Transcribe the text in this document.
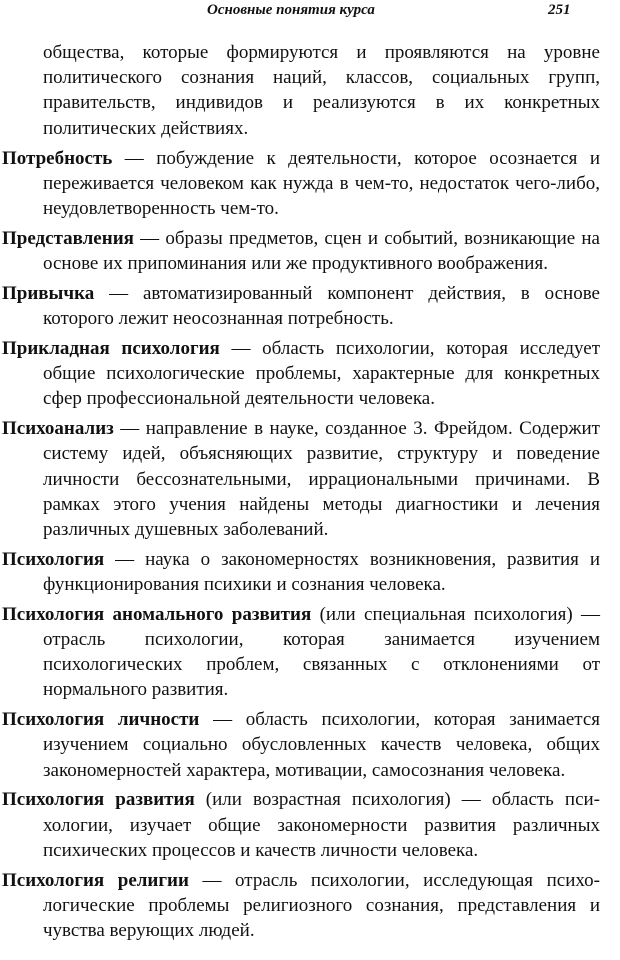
Основные понятия курса	251

общества, которые формируются и проявляются на уровне политического сознания наций, классов, социальных групп, правительств, индивидов и реализуются в их конкретных политических действиях.

Потребность — побуждение к деятельности, которое осознается и переживается человеком как нужда в чем-то, недостаток чего-либо, неудовлетворенность чем-то.

Представления — образы предметов, сцен и событий, возникающие на основе их припоминания или же продуктивного воображения.

Привычка — автоматизированный компонент действия, в основе которого лежит неосознанная потребность.

Прикладная психология — область психологии, которая исследует общие психологические проблемы, характерные для конкретных сфер профессиональной деятельности человека.

Психоанализ — направление в науке, созданное 3. Фрейдом. Содержит систему идей, объясняющих развитие, структуру и поведение личности бессознательными, иррациональными причинами. В рамках этого учения найдены методы диагностики и лечения различных душевных заболеваний.

Психология — наука о закономерностях возникновения, развития и функционирования психики и сознания человека.

Психология аномального развития (или специальная психология) — отрасль психологии, которая занимается изучением психологических проблем, связанных с отклонениями от нормального развития.

Психология личности — область психологии, которая занимается изучением социально обусловленных качеств человека, общих закономерностей характера, мотивации, самосознания человека.

Психология развития (или возрастная психология) — область психологии, изучает общие закономерности развития различных психических процессов и качеств личности человека.

Психология религии — отрасль психологии, исследующая психологические проблемы религиозного сознания, представления и чувства верующих людей.
